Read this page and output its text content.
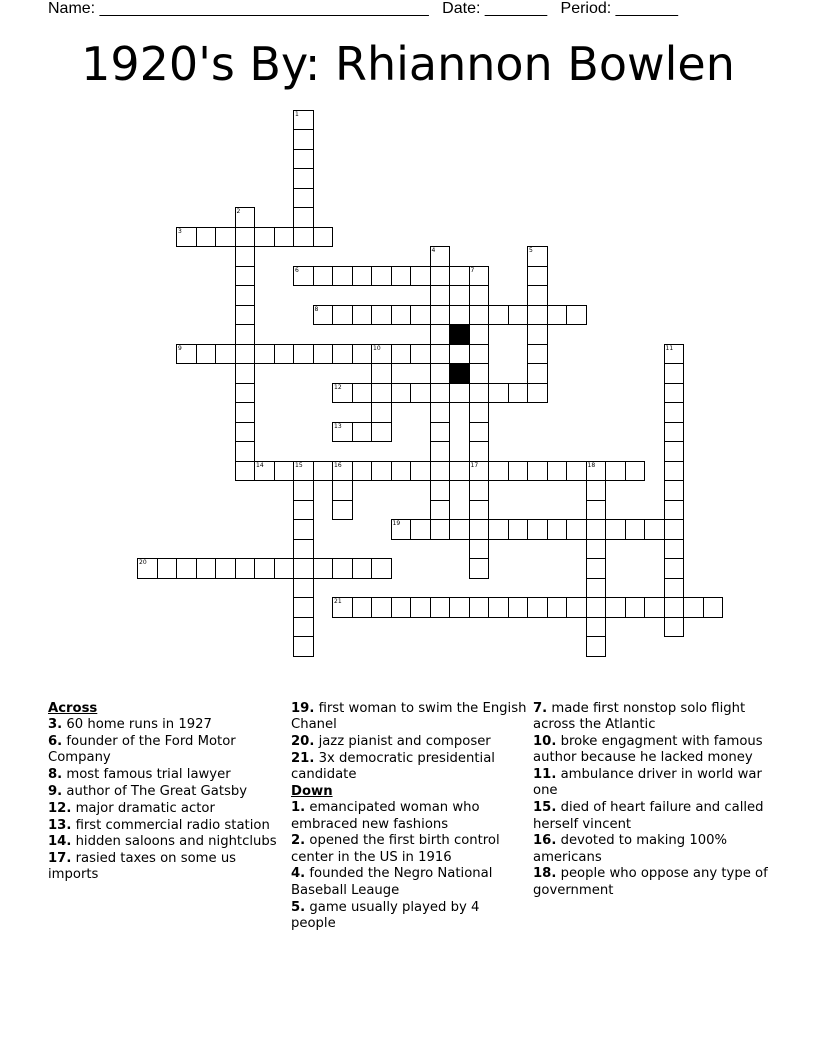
Name: _____________________________________ Date: _______ Period: _______
1920's By: Rhiannon Bowlen
3
6
8
9	10
12
13
14	15	16	17	18
19
20
21
1
2
4	5
7
11
Across
3. 60 home runs in 1927
6. founder of the Ford Motor Company
8. most famous trial lawyer
9. author of The Great Gatsby
12. major dramatic actor
13. first commercial radio station
14. hidden saloons and nightclubs
17. rasied taxes on some us imports
19. first woman to swim the Engish Chanel
20. jazz pianist and composer
21. 3x democratic presidential candidate
Down
1. emancipated woman who embraced new fashions
2. opened the first birth control center in the US in 1916
4. founded the Negro National Baseball Leauge
5. game usually played by 4 people
7. made first nonstop solo flight across the Atlantic
10. broke engagment with famous author because he lacked money
11. ambulance driver in world war one
15. died of heart failure and called herself vincent
16. devoted to making 100% americans
18. people who oppose any type of government
